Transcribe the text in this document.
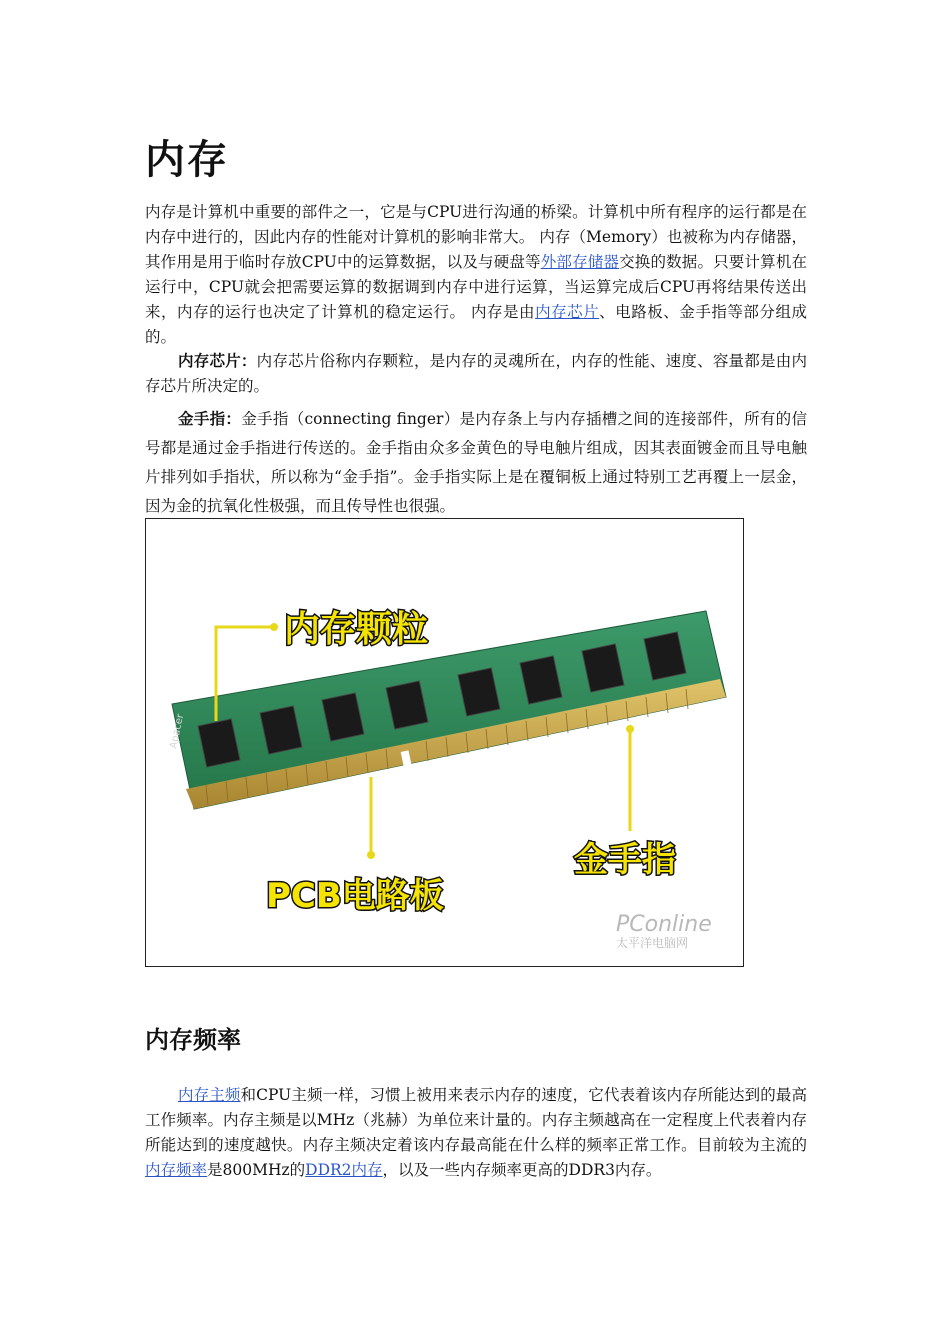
内存

内存是计算机中重要的部件之一，它是与CPU进行沟通的桥梁。计算机中所有程序的运行都是在内存中进行的，因此内存的性能对计算机的影响非常大。 内存（Memory）也被称为内存储器，其作用是用于临时存放CPU中的运算数据，以及与硬盘等外部存储器交换的数据。只要计算机在运行中，CPU就会把需要运算的数据调到内存中进行运算，当运算完成后CPU再将结果传送出来，内存的运行也决定了计算机的稳定运行。 内存是由内存芯片、电路板、金手指等部分组成的。

内存芯片：内存芯片俗称内存颗粒，是内存的灵魂所在，内存的性能、速度、容量都是由内存芯片所决定的。

金手指：金手指（connecting finger）是内存条上与内存插槽之间的连接部件，所有的信号都是通过金手指进行传送的。金手指由众多金黄色的导电触片组成，因其表面镀金而且导电触片排列如手指状，所以称为“金手指”。金手指实际上是在覆铜板上通过特别工艺再覆上一层金，因为金的抗氧化性极强，而且传导性也很强。

Apacer
内存颗粒
PCB电路板
金手指
PConline
太平洋电脑网
内存频率

内存主频和CPU主频一样，习惯上被用来表示内存的速度，它代表着该内存所能达到的最高工作频率。内存主频是以MHz（兆赫）为单位来计量的。内存主频越高在一定程度上代表着内存所能达到的速度越快。内存主频决定着该内存最高能在什么样的频率正常工作。目前较为主流的内存频率是800MHz的DDR2内存，以及一些内存频率更高的DDR3内存。
